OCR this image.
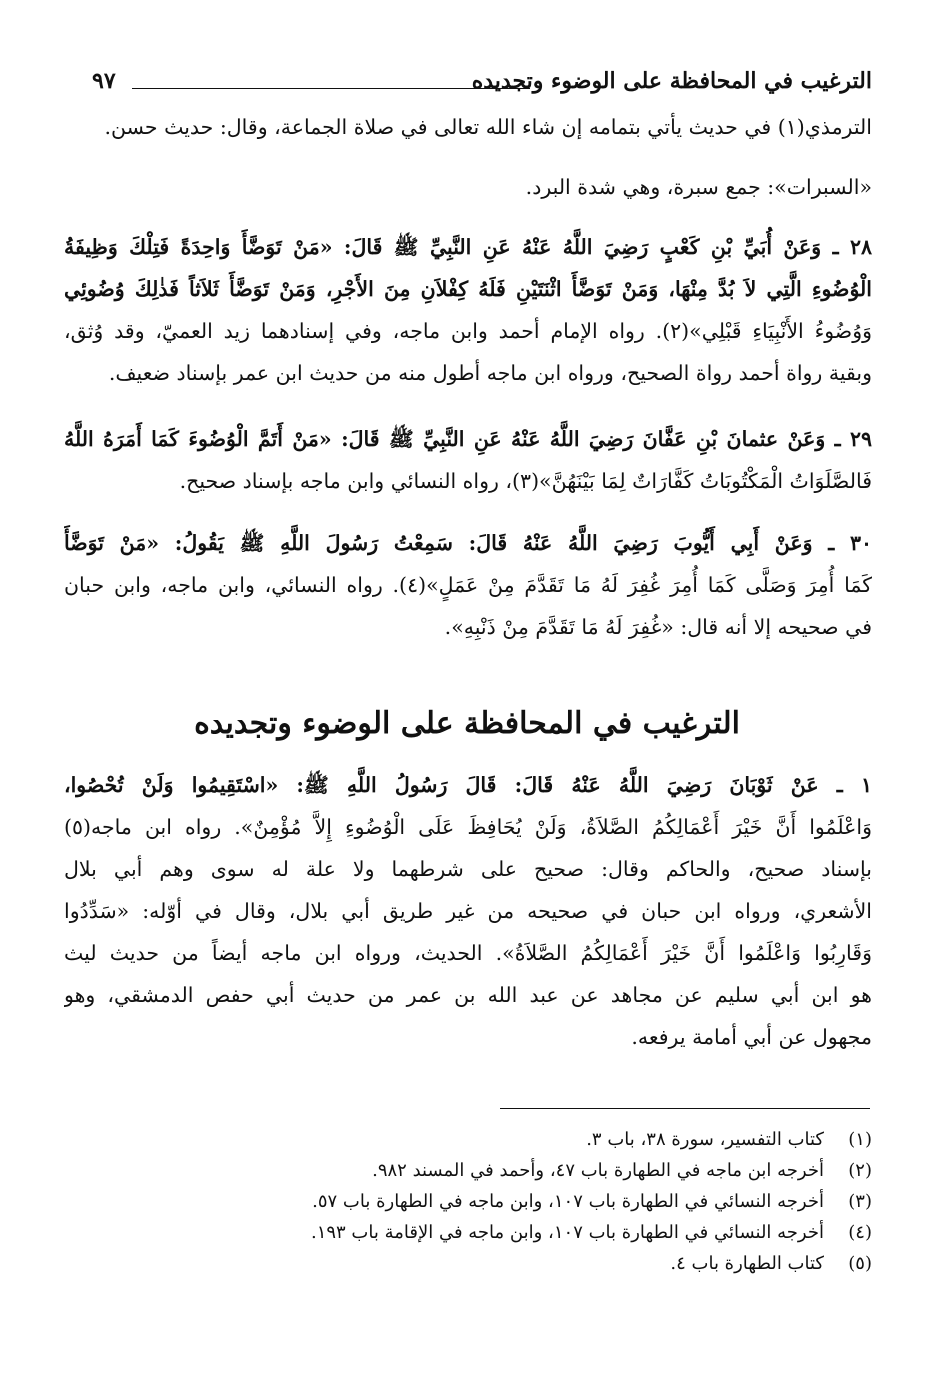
الترغيب في المحافظة على الوضوء وتجديده
٩٧
الترمذي(١) في حديث يأتي بتمامه إن شاء الله تعالى في صلاة الجماعة، وقال: حديث حسن.
«السبرات»: جمع سبرة، وهي شدة البرد.
٢٨ ـ وَعَنْ أُبَيِّ بْنِ كَعْبٍ رَضِيَ اللَّهُ عَنْهُ عَنِ النَّبِيِّ ﷺ قَالَ: «مَنْ تَوَضَّأَ وَاحِدَةً فَتِلْكَ وَظِيفَةُ
الْوُضُوءِ الَّتِي لاَ بُدَّ مِنْهَا، وَمَنْ تَوَضَّأَ اثْنَتَيْنِ فَلَهُ كِفْلاَنِ مِنَ الأَجْرِ، وَمَنْ تَوَضَّأَ ثَلاَثاً فَذٰلِكَ وُضُوئِي
وَوُضُوءُ الأَنْبِيَاءِ قَبْلِي»(٢). رواه الإمام أحمد وابن ماجه، وفي إسنادهما زيد العميّ، وقد وُثق،
وبقية رواة أحمد رواة الصحيح، ورواه ابن ماجه أطول منه من حديث ابن عمر بإسناد ضعيف.
٢٩ ـ وَعَنْ عثمانَ بْنِ عَفَّانَ رَضِيَ اللَّهُ عَنْهُ عَنِ النَّبِيِّ ﷺ قَالَ: «مَنْ أَتَمَّ الْوُضُوءَ كَمَا أَمَرَهُ اللَّهُ
فَالصَّلَوَاتُ الْمَكْتُوبَاتُ كَفَّارَاتٌ لِمَا بَيْنَهُنَّ»(٣)، رواه النسائي وابن ماجه بإسناد صحيح.
٣٠ ـ وَعَنْ أَبِي أَيُّوبَ رَضِيَ اللَّهُ عَنْهُ قَالَ: سَمِعْتُ رَسُولَ اللَّهِ ﷺ يَقُولُ: «مَنْ تَوَضَّأَ
كَمَا أُمِرَ وَصَلَّى كَمَا أُمِرَ غُفِرَ لَهُ مَا تَقَدَّمَ مِنْ عَمَلٍ»(٤). رواه النسائي، وابن ماجه، وابن حبان
في صحيحه إلا أنه قال: «غُفِرَ لَهُ مَا تَقَدَّمَ مِنْ ذَنْبِهِ».
الترغيب في المحافظة على الوضوء وتجديده
١ ـ عَنْ ثَوْبَانَ رَضِيَ اللَّهُ عَنْهُ قَالَ: قَالَ رَسُولُ اللَّهِ ﷺ: «اسْتَقِيمُوا وَلَنْ تُحْصُوا،
وَاعْلَمُوا أَنَّ خَيْرَ أَعْمَالِكُمُ الصَّلاَةُ، وَلَنْ يُحَافِظَ عَلَى الْوُضُوءِ إِلاَّ مُؤْمِنٌ». رواه ابن ماجه(٥)
بإسناد صحيح، والحاكم وقال: صحيح على شرطهما ولا علة له سوى وهم أبي بلال
الأشعري، ورواه ابن حبان في صحيحه من غير طريق أبي بلال، وقال في أوّله: «سَدِّدُوا
وَقَارِبُوا وَاعْلَمُوا أَنَّ خَيْرَ أَعْمَالِكُمُ الصَّلاَةُ». الحديث، ورواه ابن ماجه أيضاً من حديث ليث
هو ابن أبي سليم عن مجاهد عن عبد الله بن عمر من حديث أبي حفص الدمشقي، وهو
مجهول عن أبي أمامة يرفعه.
(١)كتاب التفسير، سورة ٣٨، باب ٣.
(٢)أخرجه ابن ماجه في الطهارة باب ٤٧، وأحمد في المسند ٩٨٢.
(٣)أخرجه النسائي في الطهارة باب ١٠٧، وابن ماجه في الطهارة باب ٥٧.
(٤)أخرجه النسائي في الطهارة باب ١٠٧، وابن ماجه في الإقامة باب ١٩٣.
(٥)كتاب الطهارة باب ٤.
